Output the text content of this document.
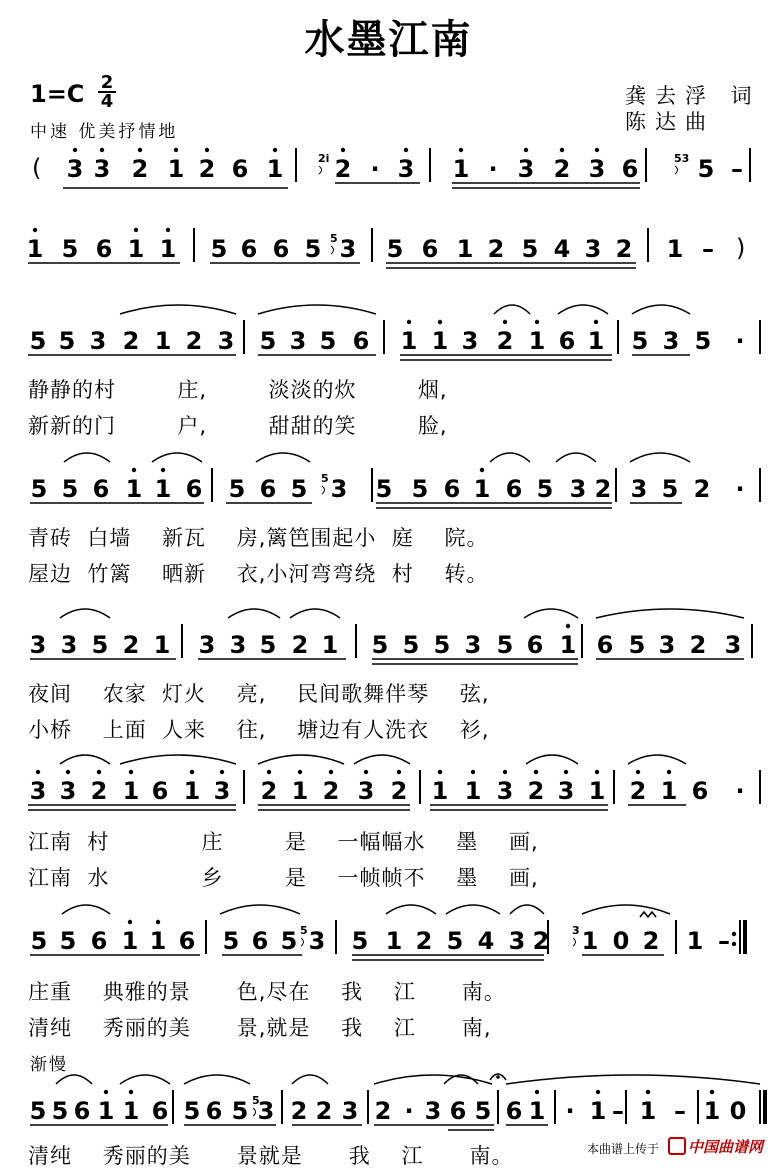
水墨江南
1=C 2
4
中速 优美抒情地
龚去浮 词
陈达曲
3 3 2 1 2 6 1 2 · 3 1 · 3 2 3 6 5 –
(	2i	53
1 5 6 1 1 5 6 6 5 3 5 6 1 2 5 4 3 2 1 – )
5
5 5 3 2 1 2 3 5 3 5 6 1 1 3 2 1 6 1 5 3 5 ·
5 5 6 1 1 6 5 6 5 3 5 5 6 1 6 5 3 2 3 5 2 ·
5
3 3 5 2 1 3 3 5 2 1 5 5 5 3 5 6 1 6 5 3 2 3
3 3 2 1 6 1 3 2 1 2 3 2 1 1 3 2 3 1 2 1 6 ·
5 5 6 1 1 6 5 6 5 3 5 1 2 5 4 3 2 1 0 2 1 –
5	3
5 5 6 1 1 6 5 6 5 3 2 2 3 2 · 3 6 5 6 1 · 1 – 1 – 1 0
5
静静的村        庄,        淡淡的炊        烟,
新新的门        户,        甜甜的笑        脸,
青砖  白墙    新瓦    房,篱笆围起小  庭    院。
屋边  竹篱    晒新    衣,小河弯弯绕  村    转。
夜间    农家  灯火    亮,    民间歌舞伴琴    弦,
小桥    上面  人来    往,    塘边有人洗衣    衫,
江南  村            庄        是    一幅幅水    墨    画,
江南  水            乡        是    一帧帧不    墨    画,
庄重    典雅的景      色,尽在    我    江      南。
清纯    秀丽的美      景,就是    我    江      南,
渐慢
清纯    秀丽的美      景就是      我    江      南。	本曲谱上传于	中国曲谱网
